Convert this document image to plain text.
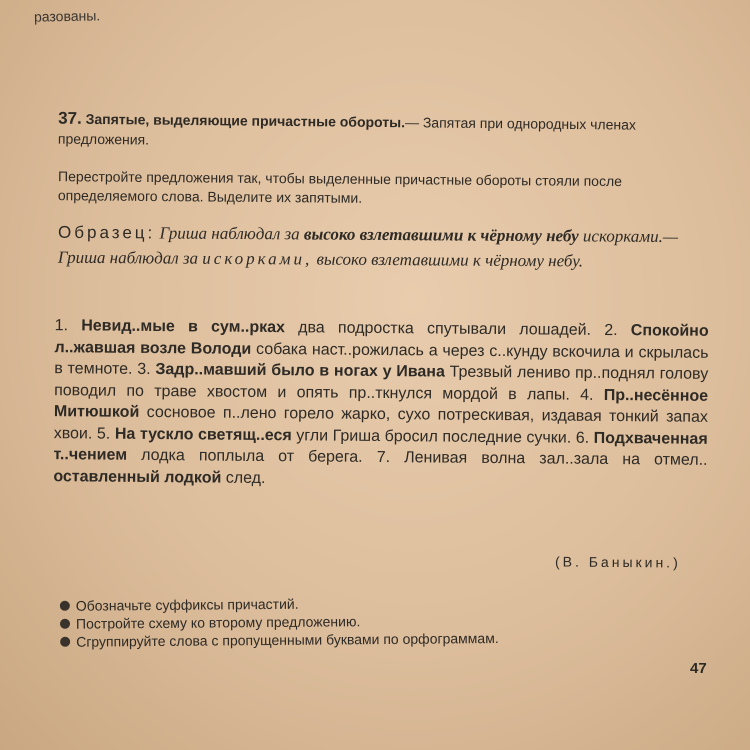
разованы.
37. Запятые, выделяющие причастные обороты.— Запятая при однородных членах предложения.
Перестройте предложения так, чтобы выделенные причастные обороты стояли после определяемого слова. Выделите их запятыми.
Образец: Гриша наблюдал за высоко взлетавшими к чёрному небу искорками.— Гриша наблюдал за искорками, высоко взлетавшими к чёрному небу.
1. Невид..мые в сум..рках два подростка спутывали лошадей. 2. Спокойно л..жавшая возле Володи собака наст..рожилась а через с..кунду вскочила и скрылась в темноте. 3. Задр..мавший было в ногах у Ивана Трезвый лениво пр..поднял голову поводил по траве хвостом и опять пр..ткнулся мордой в лапы. 4. Пр..несённое Митюшкой сосновое п..лено горело жарко, сухо потрескивая, издавая тонкий запах хвои. 5. На тускло светящ..еся угли Гриша бросил последние сучки. 6. Подхваченная т..чением лодка поплыла от берега. 7. Ленивая волна зал..зала на отмел.. оставленный лодкой след.
(В. Баныкин.)
Обозначьте суффиксы причастий.
Постройте схему ко второму предложению.
Сгруппируйте слова с пропущенными буквами по орфограммам.
47
